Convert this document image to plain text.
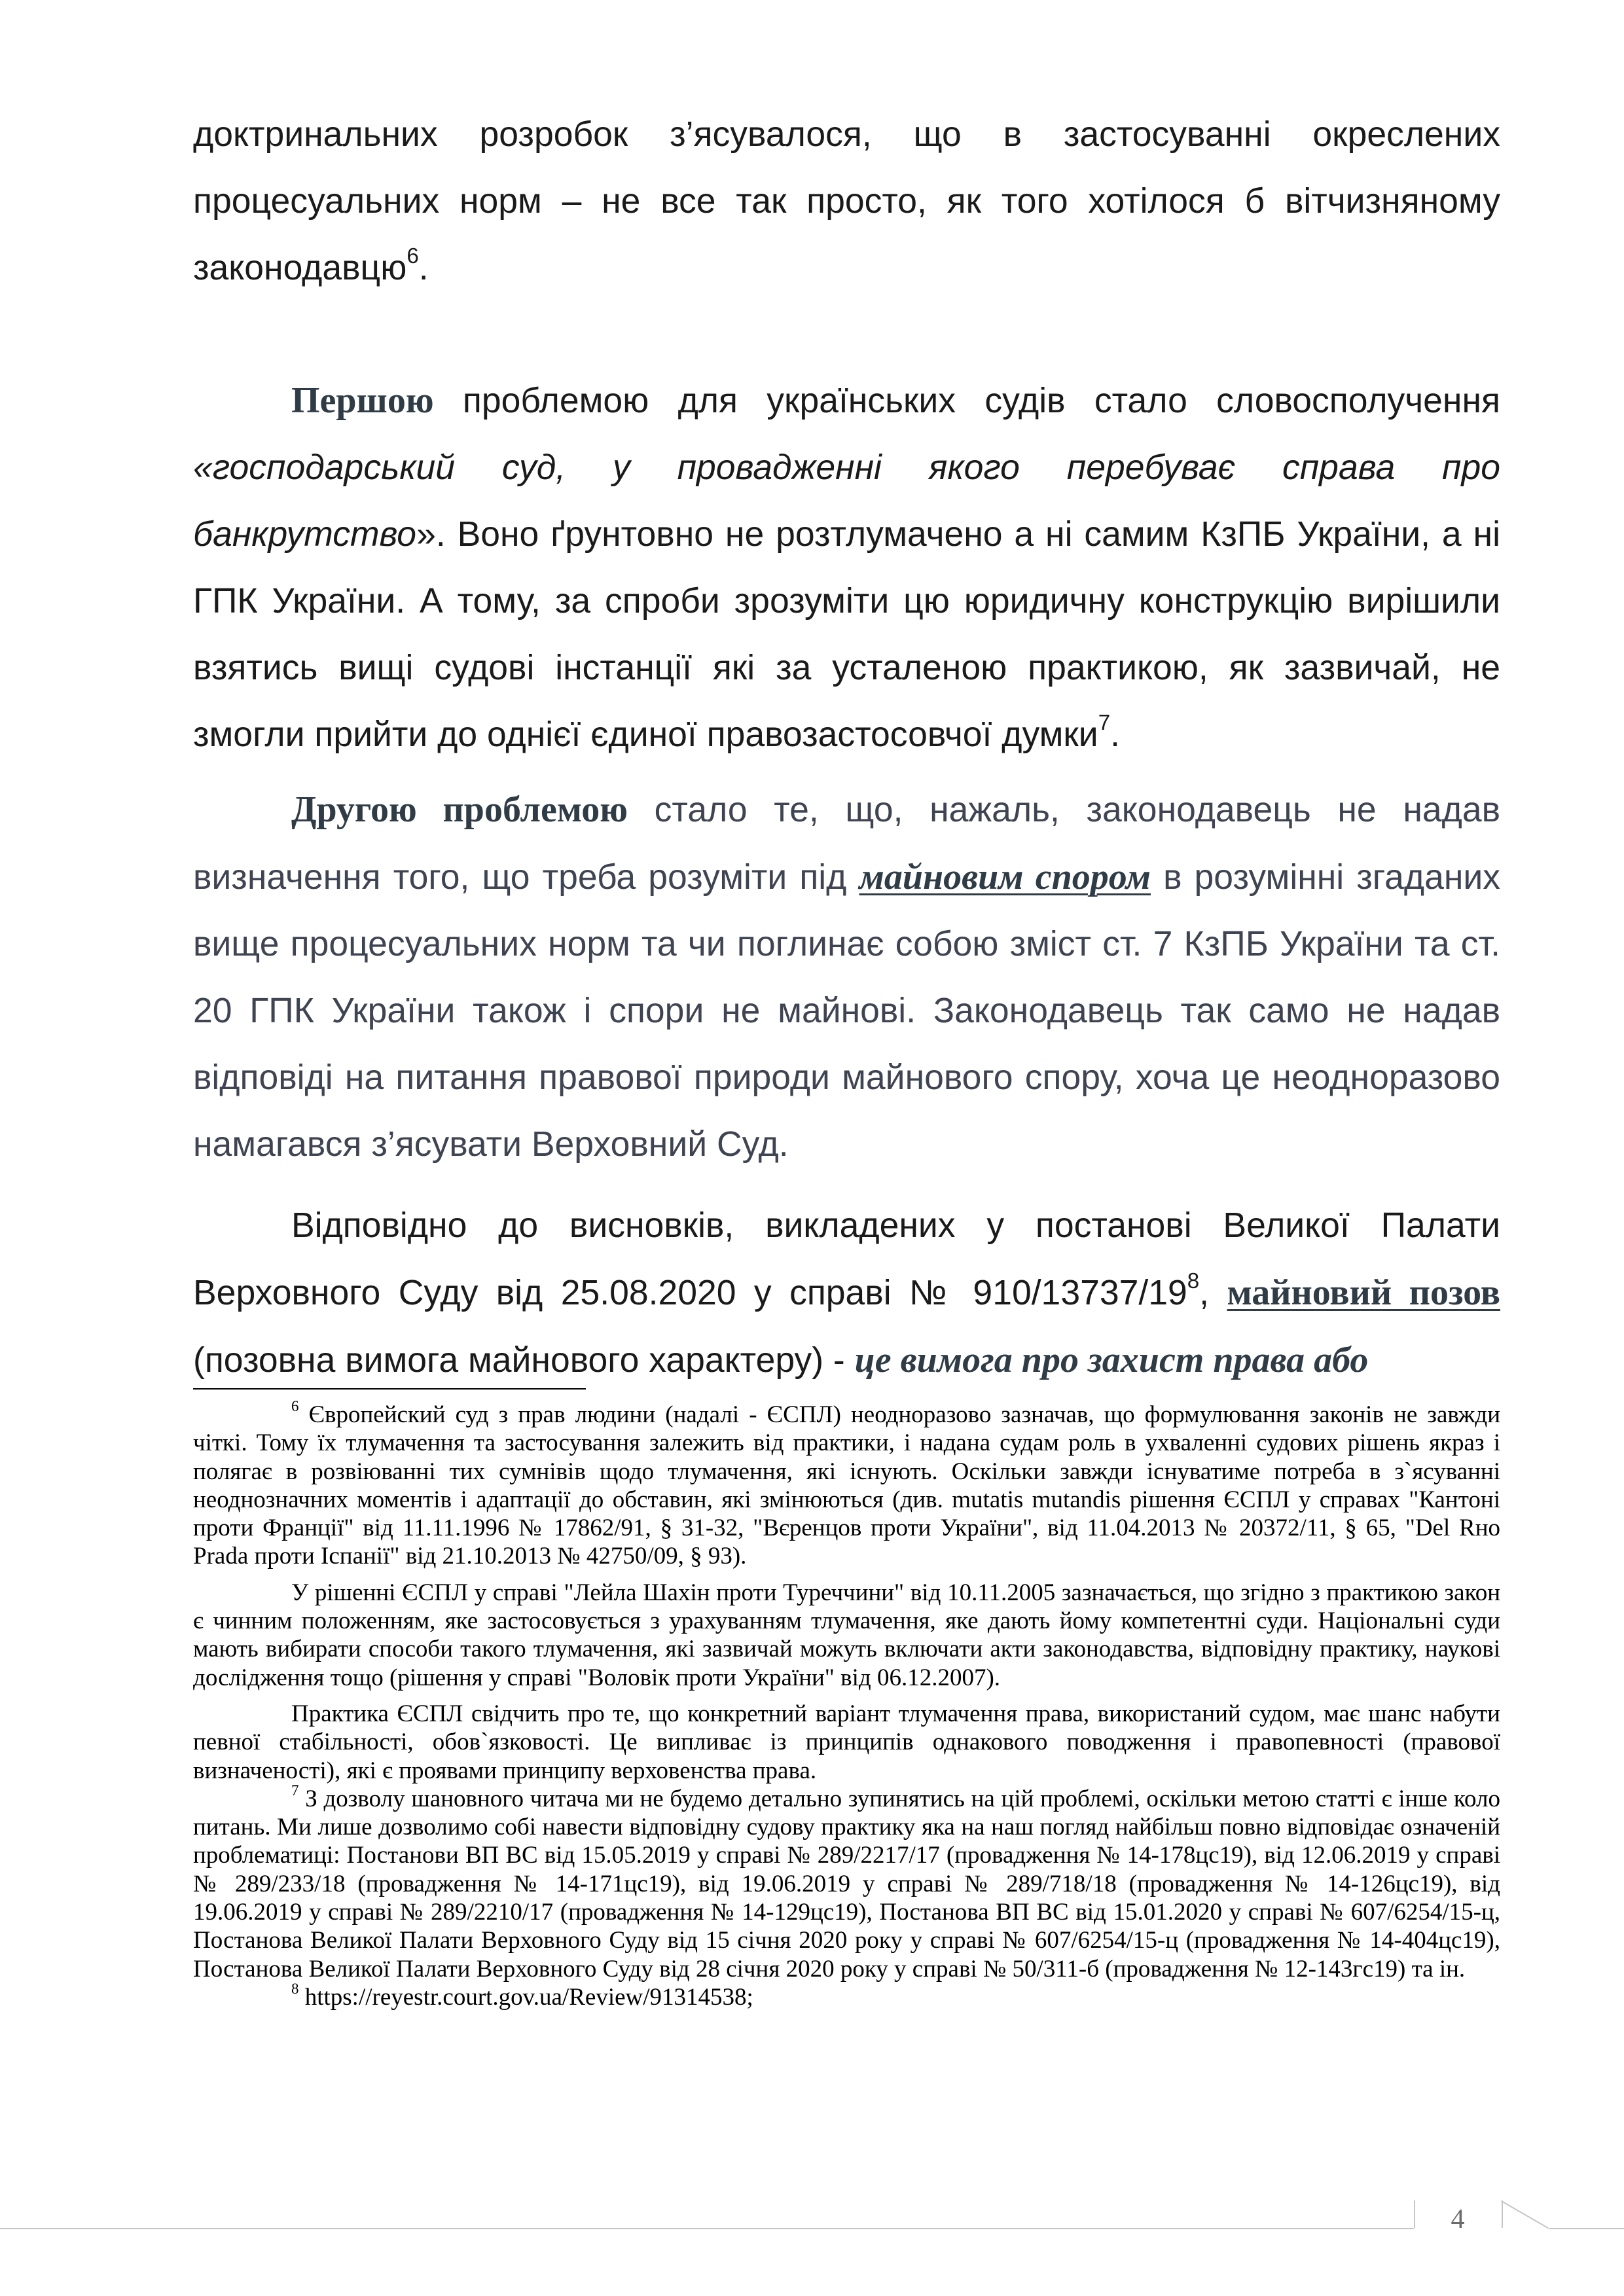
доктринальних розробок з’ясувалося, що в застосуванні окреслених процесуальних норм – не все так просто, як того хотілося б вітчизняному законодавцю$^6$.

Першою проблемою для українських судів стало словосполучення «господарський суд, у провадженні якого перебуває справа про банкрутство». Воно ґрунтовно не розтлумачено а ні самим КзПБ України, а ні ГПК України. А тому, за спроби зрозуміти цю юридичну конструкцію вирішили взятись вищі судові інстанції які за усталеною практикою, як зазвичай, не змогли прийти до однієї єдиної правозастосовчої думки$^7$.

Другою проблемою стало те, що, нажаль, законодавець не надав визначення того, що треба розуміти під майновим спором в розумінні згаданих вище процесуальних норм та чи поглинає собою зміст ст. 7 КзПБ України та ст. 20 ГПК України також і спори не майнові. Законодавець так само не надав відповіді на питання правової природи майнового спору, хоча це неодноразово намагався з’ясувати Верховний Суд.

Відповідно до висновків, викладених у постанові Великої Палати Верховного Суду від 25.08.2020 у справі № $910/13737/19^8$, майновий позов (позовна вимога майнового характеру) - це вимога про захист права або

$^6$ Європейский суд з прав людини (надалі - ЄСПЛ) неодноразово зазначав, що формулювання законів не завжди чіткі. Тому їх тлумачення та застосування залежить від практики, і надана судам роль в ухваленні судових рішень якраз і полягає в розвіюванні тих сумнівів щодо тлумачення, які існують. Оскільки завжди існуватиме потреба в з`ясуванні неоднозначних моментів і адаптації до обставин, які змінюються (див. mutatis mutandis рішення ЄСПЛ у справах "Кантоні проти Франції" від 11.11.1996 № 17862/91, § 31-32, "Вєренцов проти України", від 11.04.2013 № 20372/11, § 65, "Del Rнo Prada проти Іспанії" від 21.10.2013 № 42750/09, § 93).

У рішенні ЄСПЛ у справі "Лейла Шахін проти Туреччини" від 10.11.2005 зазначається, що згідно з практикою закон є чинним положенням, яке застосовується з урахуванням тлумачення, яке дають йому компетентні суди. Національні суди мають вибирати способи такого тлумачення, які зазвичай можуть включати акти законодавства, відповідну практику, наукові дослідження тощо (рішення у справі "Воловік проти України" від 06.12.2007).

Практика ЄСПЛ свідчить про те, що конкретний варіант тлумачення права, використаний судом, має шанс набути певної стабільності, обов`язковості. Це випливає із принципів однакового поводження і правопевності (правової визначеності), які є проявами принципу верховенства права.

$^7$ З дозволу шановного читача ми не будемо детально зупинятись на цій проблемі, оскільки метою статті є інше коло питань. Ми лише дозволимо собі навести відповідну судову практику яка на наш погляд найбільш повно відповідає означеній проблематиці: Постанови ВП ВС від 15.05.2019 у справі № 289/2217/17 (провадження № 14-178цс19), від 12.06.2019 у справі № 289/233/18 (провадження № 14-171цс19), від 19.06.2019 у справі № 289/718/18 (провадження № 14-126цс19), від 19.06.2019 у справі № 289/2210/17 (провадження № 14-129цс19), Постанова ВП ВС від 15.01.2020 у справі № 607/6254/15-ц, Постанова Великої Палати Верховного Суду від 15 січня 2020 року у справі № 607/6254/15-ц (провадження № 14-404цс19), Постанова Великої Палати Верховного Суду від 28 січня 2020 року у справі № 50/311-б (провадження № 12-143гс19) та ін.

$^8$ https://reyestr.court.gov.ua/Review/91314538;

4
